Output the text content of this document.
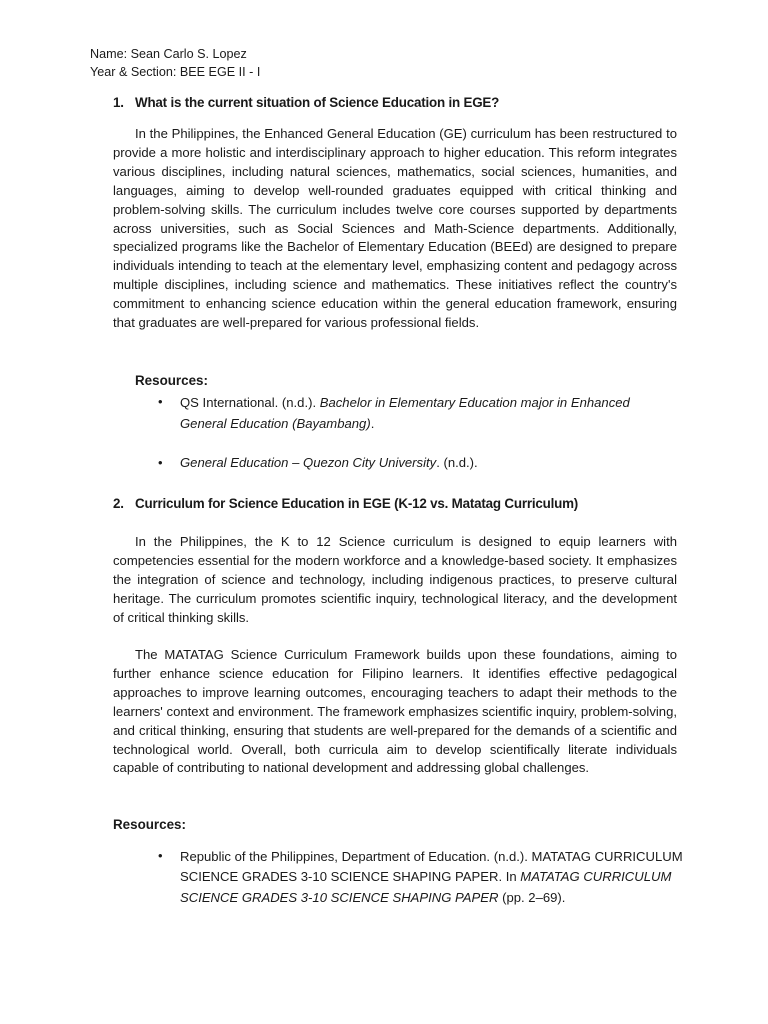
Name: Sean Carlo S. Lopez
Year & Section: BEE EGE II - I
1. What is the current situation of Science Education in EGE?

In the Philippines, the Enhanced General Education (GE) curriculum has been restructured to provide a more holistic and interdisciplinary approach to higher education. This reform integrates various disciplines, including natural sciences, mathematics, social sciences, humanities, and languages, aiming to develop well-rounded graduates equipped with critical thinking and problem-solving skills. The curriculum includes twelve core courses supported by departments across universities, such as Social Sciences and Math-Science departments. Additionally, specialized programs like the Bachelor of Elementary Education (BEEd) are designed to prepare individuals intending to teach at the elementary level, emphasizing content and pedagogy across multiple disciplines, including science and mathematics. These initiatives reflect the country's commitment to enhancing science education within the general education framework, ensuring that graduates are well-prepared for various professional fields.

Resources:
• QS International. (n.d.). Bachelor in Elementary Education major in Enhanced General Education (Bayambang).
• General Education – Quezon City University. (n.d.).
2. Curriculum for Science Education in EGE (K-12 vs. Matatag Curriculum)

In the Philippines, the K to 12 Science curriculum is designed to equip learners with competencies essential for the modern workforce and a knowledge-based society. It emphasizes the integration of science and technology, including indigenous practices, to preserve cultural heritage. The curriculum promotes scientific inquiry, technological literacy, and the development of critical thinking skills.

The MATATAG Science Curriculum Framework builds upon these foundations, aiming to further enhance science education for Filipino learners. It identifies effective pedagogical approaches to improve learning outcomes, encouraging teachers to adapt their methods to the learners' context and environment. The framework emphasizes scientific inquiry, problem-solving, and critical thinking, ensuring that students are well-prepared for the demands of a scientific and technological world. Overall, both curricula aim to develop scientifically literate individuals capable of contributing to national development and addressing global challenges.

Resources:
• Republic of the Philippines, Department of Education. (n.d.). MATATAG CURRICULUM SCIENCE GRADES 3-10 SCIENCE SHAPING PAPER. In MATATAG CURRICULUM SCIENCE GRADES 3-10 SCIENCE SHAPING PAPER (pp. 2–69).
